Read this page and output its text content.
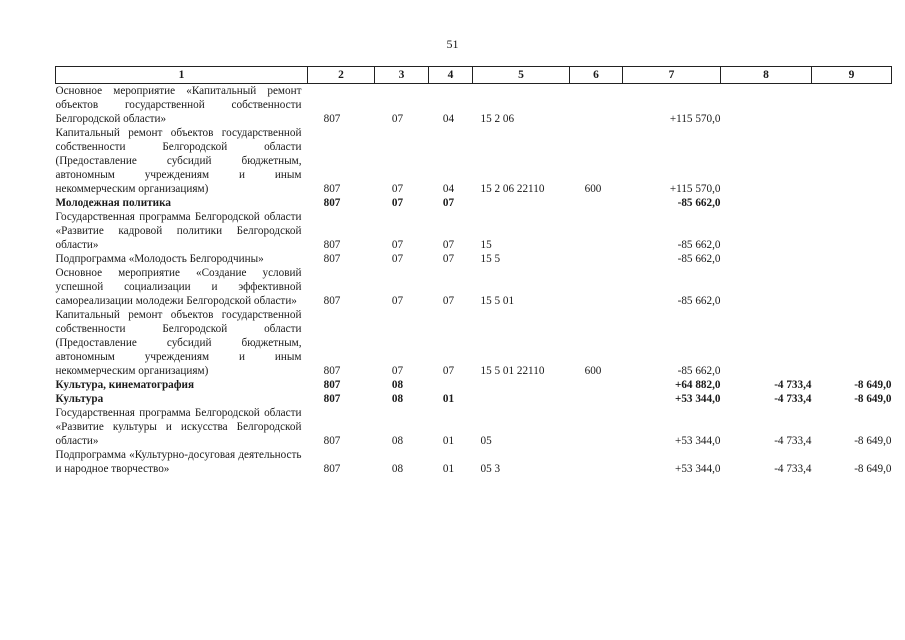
51
1	2	3	4	5	6	7	8	9
Основное мероприятие «Капитальный ремонт объектов государственной собственности Белгородской области»	807	07	04	15 2 06		+115 570,0		
Капитальный ремонт объектов государственной собственности Белгородской области (Предоставление субсидий бюджетным, автономным учреждениям и иным некоммерческим организациям)	807	07	04	15 2 06 22110	600	+115 570,0		
Молодежная политика	807	07	07			-85 662,0		
Государственная программа Белгородской области «Развитие кадровой политики Белгородской области»	807	07	07	15		-85 662,0		
Подпрограмма «Молодость Белгородчины»	807	07	07	15 5		-85 662,0		
Основное мероприятие «Создание условий успешной социализации и эффективной самореализации молодежи Белгородской области»	807	07	07	15 5 01		-85 662,0		
Капитальный ремонт объектов государственной собственности Белгородской области (Предоставление субсидий бюджетным, автономным учреждениям и иным некоммерческим организациям)	807	07	07	15 5 01 22110	600	-85 662,0		
Культура, кинематография	807	08				+64 882,0	-4 733,4	-8 649,0
Культура	807	08	01			+53 344,0	-4 733,4	-8 649,0
Государственная программа Белгородской области «Развитие культуры и искусства Белгородской области»	807	08	01	05		+53 344,0	-4 733,4	-8 649,0
Подпрограмма «Культурно-досуговая деятельность и народное творчество»	807	08	01	05 3		+53 344,0	-4 733,4	-8 649,0
